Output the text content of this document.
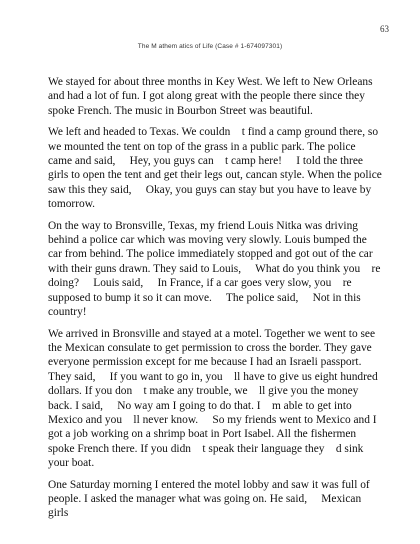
63
The M athem atics of Life (Case # 1-674097301)

We stayed for about three months in Key West. We left to New Orleans and had a lot of fun. I got along great with the people there since they spoke French. The music in Bourbon Street was beautiful.

We left and headed to Texas. We couldn t find a camp ground there, so we mounted the tent on top of the grass in a public park. The police came and said,  Hey, you guys can t camp here!  I told the three girls to open the tent and get their legs out, cancan style. When the police saw this they said,  Okay, you guys can stay but you have to leave by tomorrow.

On the way to Bronsville, Texas, my friend Louis Nitka was driving behind a police car which was moving very slowly. Louis bumped the car from behind. The police immediately stopped and got out of the car with their guns drawn. They said to Louis,  What do you think you re doing?  Louis said,  In France, if a car goes very slow, you re supposed to bump it so it can move.  The police said,  Not in this country!

We arrived in Bronsville and stayed at a motel. Together we went to see the Mexican consulate to get permission to cross the border. They gave everyone permission except for me because I had an Israeli passport. They said,  If you want to go in, you ll have to give us eight hundred dollars. If you don t make any trouble, we ll give you the money back. I said,  No way am I going to do that. I m able to get into Mexico and you ll never know.  So my friends went to Mexico and I got a job working on a shrimp boat in Port Isabel. All the fishermen spoke French there. If you didn t speak their language they d sink your boat.

One Saturday morning I entered the motel lobby and saw it was full of people. I asked the manager what was going on. He said,  Mexican girls
